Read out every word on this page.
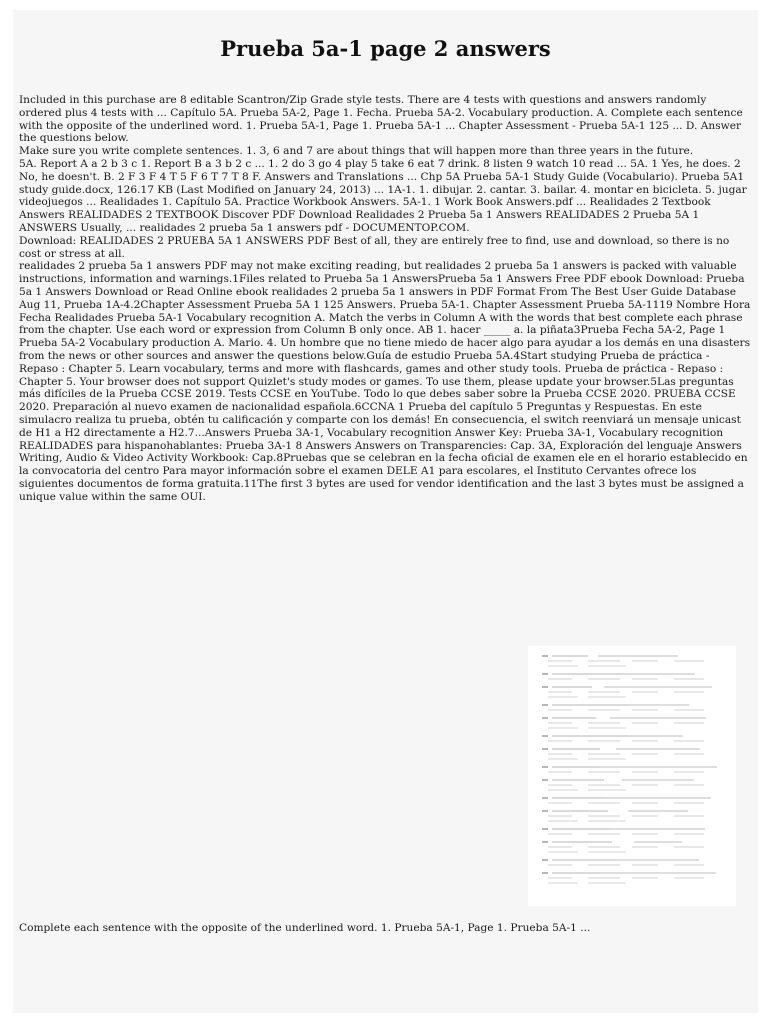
Prueba 5a-1 page 2 answers

Included in this purchase are 8 editable Scantron/Zip Grade style tests. There are 4 tests with questions and answers randomly ordered plus 4 tests with ... Capítulo 5A. Prueba 5A-2, Page 1. Fecha. Prueba 5A-2. Vocabulary production. A. Complete each sentence with the opposite of the underlined word. 1. Prueba 5A-1, Page 1. Prueba 5A-1 ... Chapter Assessment - Prueba 5A-1 125 ... D. Answer the questions below.

Make sure you write complete sentences. 1. 3, 6 and 7 are about things that will happen more than three years in the future.

5A. Report A a 2 b 3 c 1. Report B a 3 b 2 c ... 1. 2 do 3 go 4 play 5 take 6 eat 7 drink. 8 listen 9 watch 10 read ... 5A. 1 Yes, he does. 2 No, he doesn't. B. 2 F 3 F 4 T 5 F 6 T 7 T 8 F. Answers and Translations ... Chp 5A Prueba 5A-1 Study Guide (Vocabulario). Prueba 5A1 study guide.docx, 126.17 KB (Last Modified on January 24, 2013) ... 1A-1. 1. dibujar. 2. cantar. 3. bailar. 4. montar en bicicleta. 5. jugar videojuegos ... Realidades 1. Capítulo 5A. Practice Workbook Answers. 5A-1. 1 Work Book Answers.pdf ... Realidades 2 Textbook Answers REALIDADES 2 TEXTBOOK Discover PDF Download Realidades 2 Prueba 5a 1 Answers REALIDADES 2 Prueba 5A 1 ANSWERS Usually, ... realidades 2 prueba 5a 1 answers pdf - DOCUMENTOP.COM.

Download: REALIDADES 2 PRUEBA 5A 1 ANSWERS PDF Best of all, they are entirely free to find, use and download, so there is no cost or stress at all.

realidades 2 prueba 5a 1 answers PDF may not make exciting reading, but realidades 2 prueba 5a 1 answers is packed with valuable instructions, information and warnings.1Files related to Prueba 5a 1 AnswersPrueba 5a 1 Answers Free PDF ebook Download: Prueba 5a 1 Answers Download or Read Online ebook realidades 2 prueba 5a 1 answers in PDF Format From The Best User Guide Database Aug 11, Prueba 1A-4.2Chapter Assessment Prueba 5A 1 125 Answers. Prueba 5A-1. Chapter Assessment Prueba 5A-1119 Nombre Hora Fecha Realidades Prueba 5A-1 Vocabulary recognition A. Match the verbs in Column A with the words that best complete each phrase from the chapter. Use each word or expression from Column B only once. AB 1. hacer _____ a. la piñata3Prueba Fecha 5A-2, Page 1 Prueba 5A-2 Vocabulary production A. Mario. 4. Un hombre que no tiene miedo de hacer algo para ayudar a los demás en una disasters from the news or other sources and answer the questions below.Guía de estudio Prueba 5A.4Start studying Prueba de práctica - Repaso : Chapter 5. Learn vocabulary, terms and more with flashcards, games and other study tools. Prueba de práctica - Repaso : Chapter 5. Your browser does not support Quizlet's study modes or games. To use them, please update your browser.5Las preguntas más difíciles de la Prueba CCSE 2019. Tests CCSE en YouTube. Todo lo que debes saber sobre la Prueba CCSE 2020. PRUEBA CCSE 2020. Preparación al nuevo examen de nacionalidad española.6CCNA 1 Prueba del capítulo 5 Preguntas y Respuestas. En este simulacro realiza tu prueba, obtén tu calificación y comparte con los demás! En consecuencia, el switch reenviará un mensaje unicast de H1 a H2 directamente a H2.7...Answers Prueba 3A-1, Vocabulary recognition Answer Key: Prueba 3A-1, Vocabulary recognition REALIDADES para hispanohablantes: Prueba 3A-1 8 Answers Answers on Transparencies: Cap. 3A, Exploración del lenguaje Answers Writing, Audio & Video Activity Workbook: Cap.8Pruebas que se celebran en la fecha oficial de examen ele en el horario establecido en la convocatoria del centro Para mayor información sobre el examen DELE A1 para escolares, el Instituto Cervantes ofrece los siguientes documentos de forma gratuita.11The first 3 bytes are used for vendor identification and the last 3 bytes must be assigned a unique value within the same OUI.

Complete each sentence with the opposite of the underlined word. 1. Prueba 5A-1, Page 1. Prueba 5A-1 ...
